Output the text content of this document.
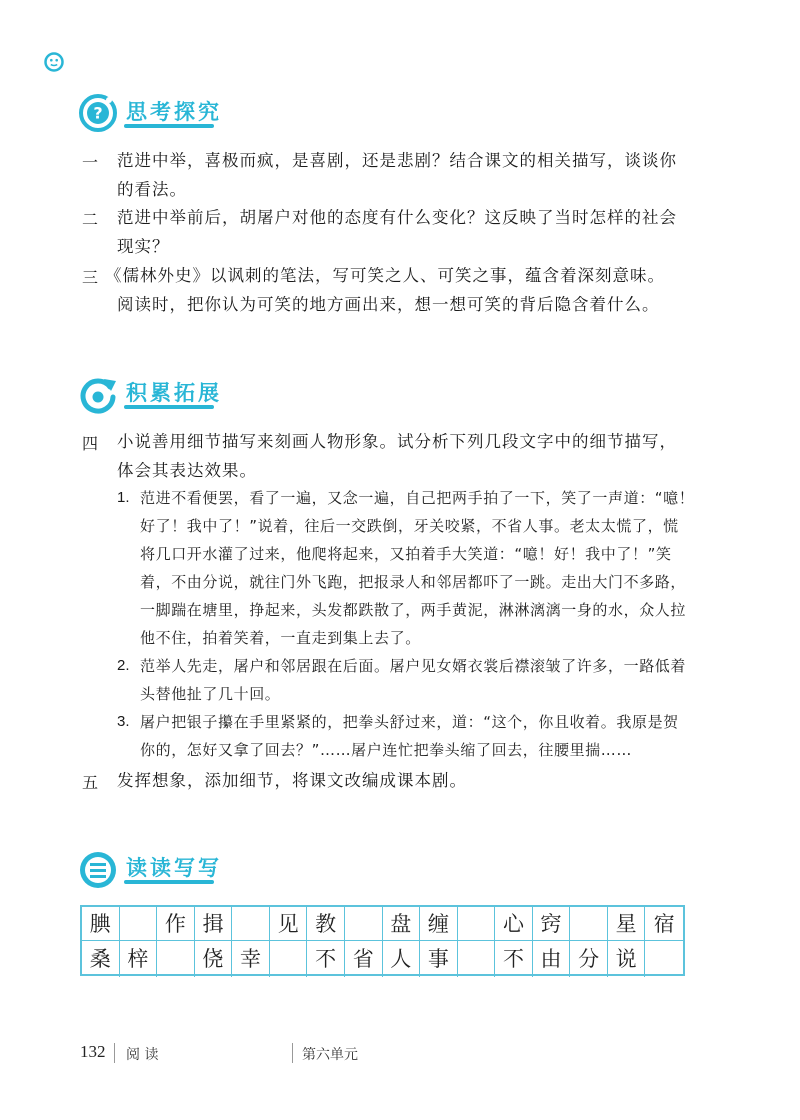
? 思考探究
一 范进中举，喜极而疯，是喜剧，还是悲剧？结合课文的相关描写，谈谈你
的看法。
二 范进中举前后，胡屠户对他的态度有什么变化？这反映了当时怎样的社会
现实？
三 《儒林外史》以讽刺的笔法，写可笑之人、可笑之事，蕴含着深刻意味。
阅读时，把你认为可笑的地方画出来，想一想可笑的背后隐含着什么。
积累拓展
四 小说善用细节描写来刻画人物形象。试分析下列几段文字中的细节描写，
体会其表达效果。
1. 范进不看便罢，看了一遍，又念一遍，自己把两手拍了一下，笑了一声道：“噫！
好了！我中了！”说着，往后一交跌倒，牙关咬紧，不省人事。老太太慌了，慌
将几口开水灌了过来，他爬将起来，又拍着手大笑道：“噫！好！我中了！”笑
着，不由分说，就往门外飞跑，把报录人和邻居都吓了一跳。走出大门不多路，
一脚踹在塘里，挣起来，头发都跌散了，两手黄泥，淋淋漓漓一身的水，众人拉
他不住，拍着笑着，一直走到集上去了。
2. 范举人先走，屠户和邻居跟在后面。屠户见女婿衣裳后襟滚皱了许多，一路低着
头替他扯了几十回。
3. 屠户把银子攥在手里紧紧的，把拳头舒过来，道：“这个，你且收着。我原是贺
你的，怎好又拿了回去？”……屠户连忙把拳头缩了回去，往腰里揣……
五 发挥想象，添加细节，将课文改编成课本剧。
读读写写
腆	作 揖	见 教	盘 缠	心 窍	星 宿
桑 梓	侥 幸	不 省 人 事	不 由 分 说
132 阅 读	第六单元
